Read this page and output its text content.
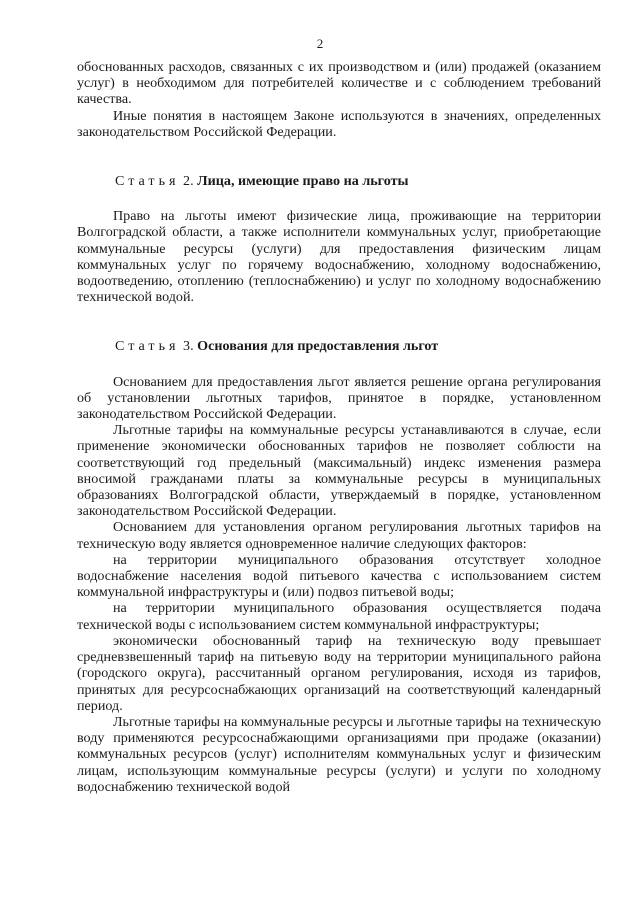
2

обоснованных расходов, связанных с их производством и (или) продажей (оказанием услуг) в необходимом для потребителей количестве и с соблюдением требований качества.

Иные понятия в настоящем Законе используются в значениях, определенных законодательством Российской Федерации.

Статья 2. Лица, имеющие право на льготы

Право на льготы имеют физические лица, проживающие на территории Волгоградской области, а также исполнители коммунальных услуг, приобретающие коммунальные ресурсы (услуги) для предоставления физическим лицам коммунальных услуг по горячему водоснабжению, холодному водоснабжению, водоотведению, отоплению (теплоснабжению) и услуг по холодному водоснабжению технической водой.

Статья 3. Основания для предоставления льгот

Основанием для предоставления льгот является решение органа регулирования об установлении льготных тарифов, принятое в порядке, установленном законодательством Российской Федерации.

Льготные тарифы на коммунальные ресурсы устанавливаются в случае, если применение экономически обоснованных тарифов не позволяет соблюсти на соответствующий год предельный (максимальный) индекс изменения размера вносимой гражданами платы за коммунальные ресурсы в муниципальных образованиях Волгоградской области, утверждаемый в порядке, установленном законодательством Российской Федерации.

Основанием для установления органом регулирования льготных тарифов на техническую воду является одновременное наличие следующих факторов:

на территории муниципального образования отсутствует холодное водоснабжение населения водой питьевого качества с использованием систем коммунальной инфраструктуры и (или) подвоз питьевой воды;

на территории муниципального образования осуществляется подача технической воды с использованием систем коммунальной инфраструктуры;

экономически обоснованный тариф на техническую воду превышает средневзвешенный тариф на питьевую воду на территории муниципального района (городского округа), рассчитанный органом регулирования, исходя из тарифов, принятых для ресурсоснабжающих организаций на соответствующий календарный период.

Льготные тарифы на коммунальные ресурсы и льготные тарифы на техническую воду применяются ресурсоснабжающими организациями при продаже (оказании) коммунальных ресурсов (услуг) исполнителям коммунальных услуг и физическим лицам, использующим коммунальные ресурсы (услуги) и услуги по холодному водоснабжению технической водой
